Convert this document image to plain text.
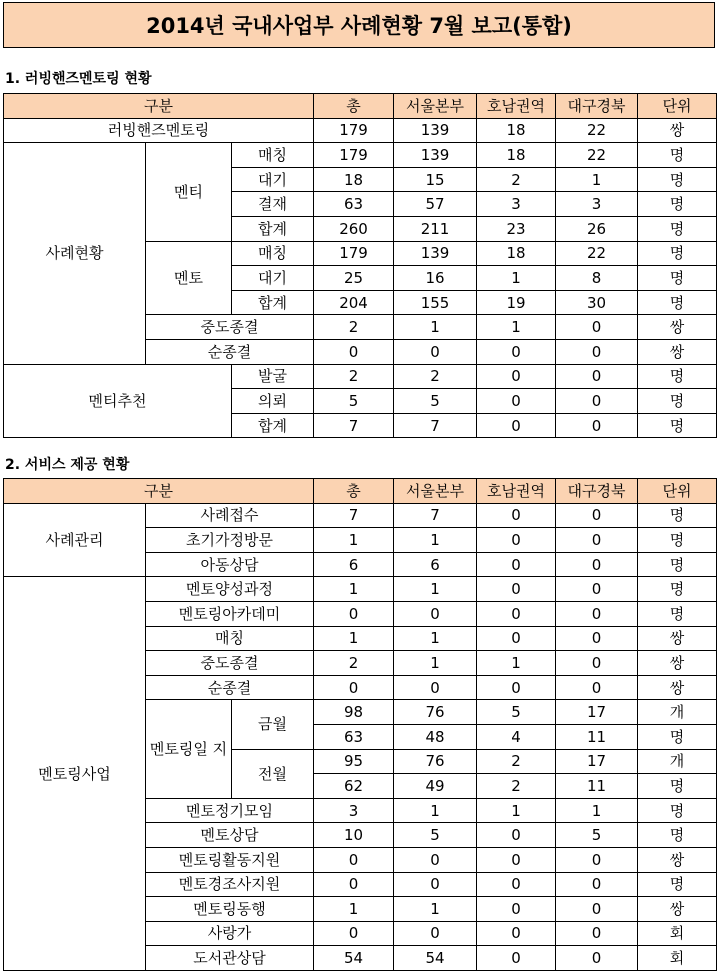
2014년 국내사업부 사례현황 7월 보고(통합)
1. 러빙핸즈멘토링 현황
구분			총	서울본부	호남권역	대구경북	단위
러빙핸즈멘토링			179	139	18	22	쌍
사례현황	멘티	매칭	179	139	18	22	명
		대기	18	15	2	1	명
		결재	63	57	3	3	명
		합계	260	211	23	26	명
	멘토	매칭	179	139	18	22	명
		대기	25	16	1	8	명
		합계	204	155	19	30	명
	중도종결		2	1	1	0	쌍
	순종결		0	0	0	0	쌍
멘티추천		발굴	2	2	0	0	명
		의뢰	5	5	0	0	명
		합계	7	7	0	0	명
2. 서비스 제공 현황
구분			총	서울본부	호남권역	대구경북	단위
사례관리	사례접수		7	7	0	0	명
	초기가정방문		1	1	0	0	명
	아동상담		6	6	0	0	명
멘토링사업	멘토양성과정		1	1	0	0	명
	멘토링아카데미		0	0	0	0	명
	매칭		1	1	0	0	쌍
	중도종결		2	1	1	0	쌍
	순종결		0	0	0	0	쌍
	멘토링일 지	금월	98	76	5	17	개
			63	48	4	11	명
		전월	95	76	2	17	개
			62	49	2	11	명
	멘토정기모임		3	1	1	1	명
	멘토상담		10	5	0	5	명
	멘토링활동지원		0	0	0	0	쌍
	멘토경조사지원		0	0	0	0	명
	멘토링동행		1	1	0	0	쌍
	사랑가		0	0	0	0	회
	도서관상담		54	54	0	0	회
